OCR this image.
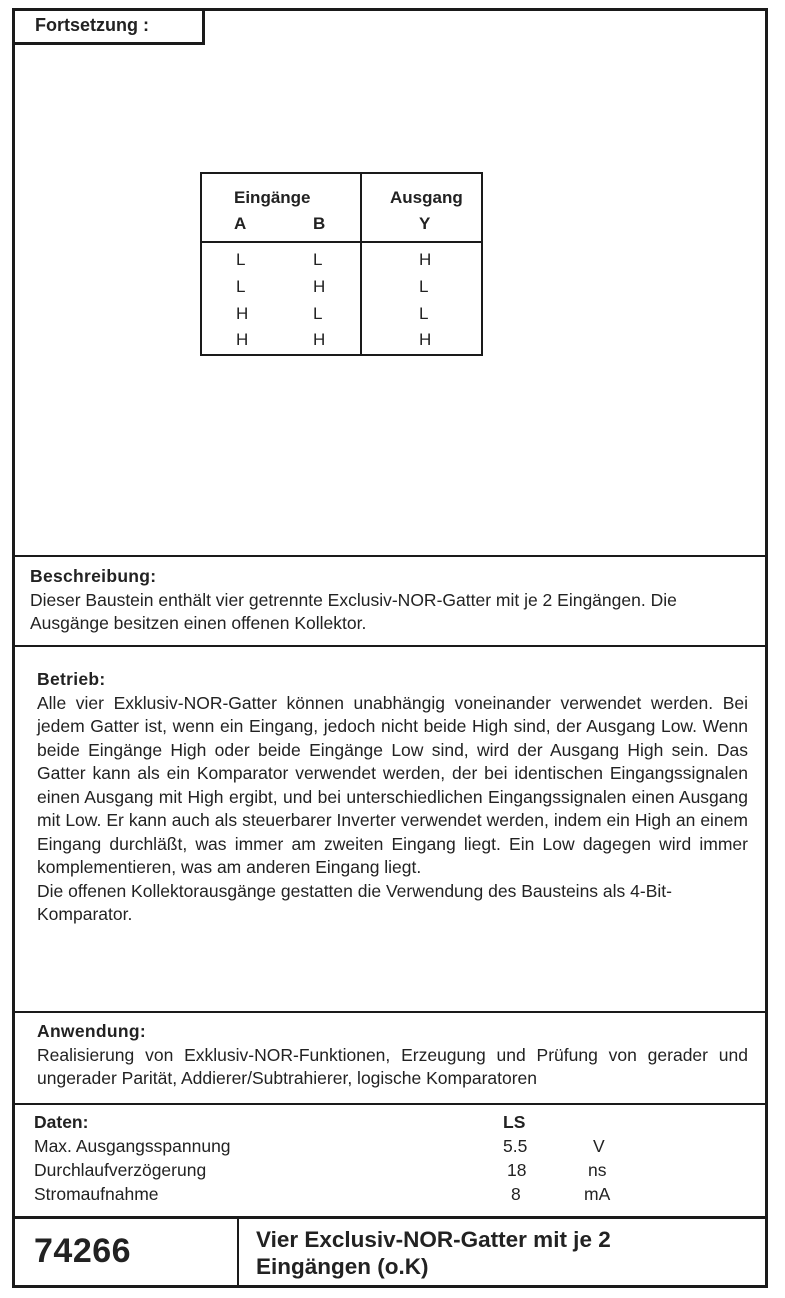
Fortsetzung :
Eingänge	Ausgang
A	B	Y
L	L	H
L	H	L
H	L	L
H	H	H
Beschreibung:

Dieser Baustein enthält vier getrennte Exclusiv-NOR-Gatter mit je 2 Eingängen. Die Ausgänge besitzen einen offenen Kollektor.

Betrieb:

Alle vier Exklusiv-NOR-Gatter können unabhängig voneinander verwendet werden. Bei jedem Gatter ist, wenn ein Eingang, jedoch nicht beide High sind, der Ausgang Low. Wenn beide Eingänge High oder beide Eingänge Low sind, wird der Ausgang High sein. Das Gatter kann als ein Komparator verwendet werden, der bei identischen Eingangssignalen einen Ausgang mit High ergibt, und bei unterschiedlichen Eingangssignalen einen Ausgang mit Low. Er kann auch als steuerbarer Inverter verwendet werden, indem ein High an einem Eingang durchläßt, was immer am zweiten Eingang liegt. Ein Low dagegen wird immer komplementieren, was am anderen Eingang liegt.

Die offenen Kollektorausgänge gestatten die Verwendung des Bausteins als 4-Bit-Komparator.

Anwendung:

Realisierung von Exklusiv-NOR-Funktionen, Erzeugung und Prüfung von gerader und ungerader Parität, Addierer/Subtrahierer, logische Komparatoren

Daten:	LS
Max. Ausgangsspannung	5.5	V
Durchlaufverzögerung	18	ns
Stromaufnahme	8	mA
74266	Vier Exclusiv-NOR-Gatter mit je 2
Eingängen (o.K)
